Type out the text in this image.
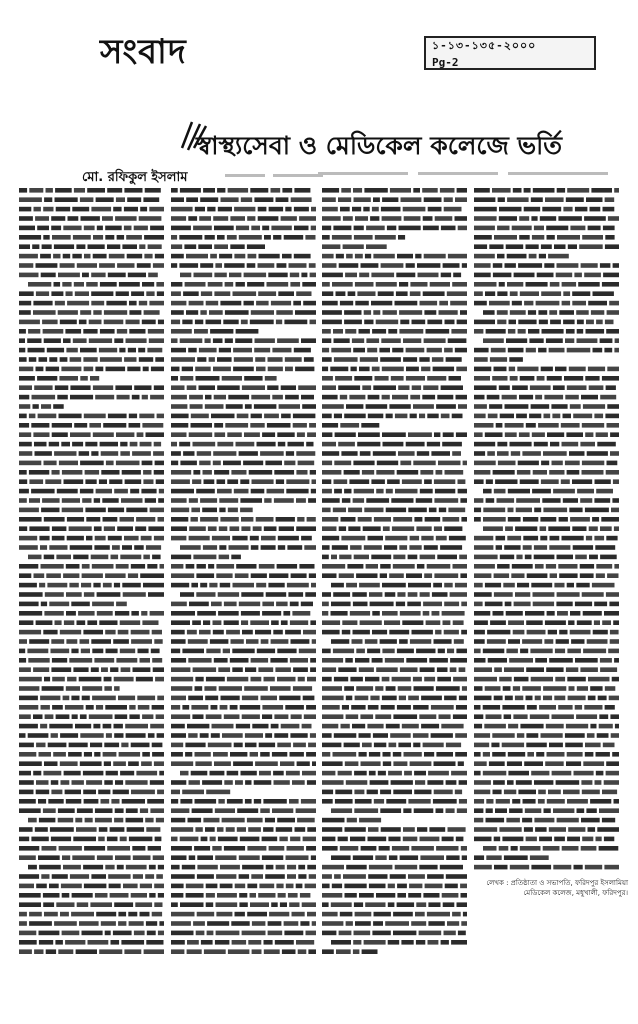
সংবাদ	১-১৩-১৩৫-২০০০
Pg-2
স্বাস্থ্যসেবা ও মেডিকেল কলেজে ভর্তি
মো. রফিকুল ইসলাম
লেখক : প্রতিষ্ঠাতা ও সভাপতি, ফরিদপুর ইসলামিয়া মেডিকেল কলেজ, মধুখালী, ফরিদপুর।
